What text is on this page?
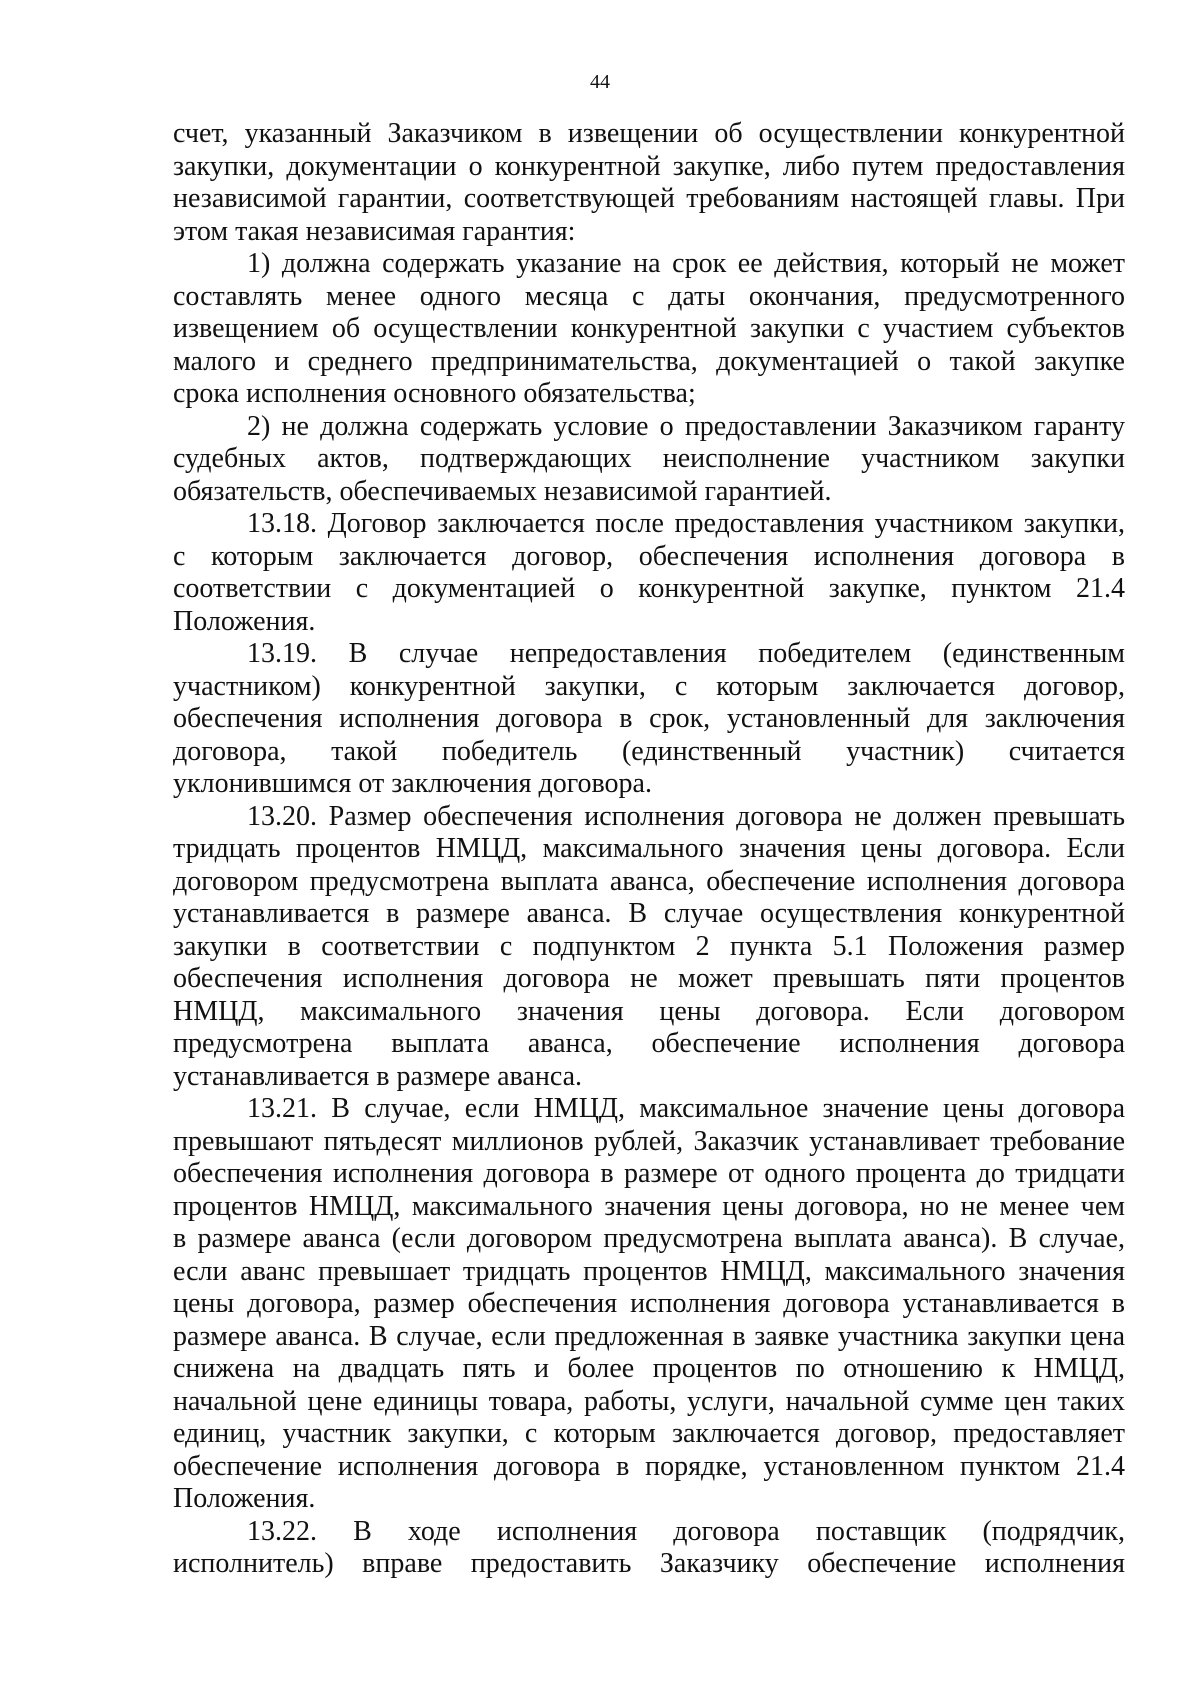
44
счет, указанный Заказчиком в извещении об осуществлении конкурентной
закупки, документации о конкурентной закупке, либо путем предоставления
независимой гарантии, соответствующей требованиям настоящей главы. При
этом такая независимая гарантия:
1) должна содержать указание на срок ее действия, который не может
составлять менее одного месяца с даты окончания, предусмотренного
извещением об осуществлении конкурентной закупки с участием субъектов
малого и среднего предпринимательства, документацией о такой закупке
срока исполнения основного обязательства;
2) не должна содержать условие о предоставлении Заказчиком гаранту
судебных актов, подтверждающих неисполнение участником закупки
обязательств, обеспечиваемых независимой гарантией.
13.18. Договор заключается после предоставления участником закупки,
с которым заключается договор, обеспечения исполнения договора в
соответствии с документацией о конкурентной закупке, пунктом 21.4
Положения.
13.19. В случае непредоставления победителем (единственным
участником) конкурентной закупки, с которым заключается договор,
обеспечения исполнения договора в срок, установленный для заключения
договора, такой победитель (единственный участник) считается
уклонившимся от заключения договора.
13.20. Размер обеспечения исполнения договора не должен превышать
тридцать процентов НМЦД, максимального значения цены договора. Если
договором предусмотрена выплата аванса, обеспечение исполнения договора
устанавливается в размере аванса. В случае осуществления конкурентной
закупки в соответствии с подпунктом 2 пункта 5.1 Положения размер
обеспечения исполнения договора не может превышать пяти процентов
НМЦД, максимального значения цены договора. Если договором
предусмотрена выплата аванса, обеспечение исполнения договора
устанавливается в размере аванса.
13.21. В случае, если НМЦД, максимальное значение цены договора
превышают пятьдесят миллионов рублей, Заказчик устанавливает требование
обеспечения исполнения договора в размере от одного процента до тридцати
процентов НМЦД, максимального значения цены договора, но не менее чем
в размере аванса (если договором предусмотрена выплата аванса). В случае,
если аванс превышает тридцать процентов НМЦД, максимального значения
цены договора, размер обеспечения исполнения договора устанавливается в
размере аванса. В случае, если предложенная в заявке участника закупки цена
снижена на двадцать пять и более процентов по отношению к НМЦД,
начальной цене единицы товара, работы, услуги, начальной сумме цен таких
единиц, участник закупки, с которым заключается договор, предоставляет
обеспечение исполнения договора в порядке, установленном пунктом 21.4
Положения.
13.22. В ходе исполнения договора поставщик (подрядчик,
исполнитель) вправе предоставить Заказчику обеспечение исполнения
